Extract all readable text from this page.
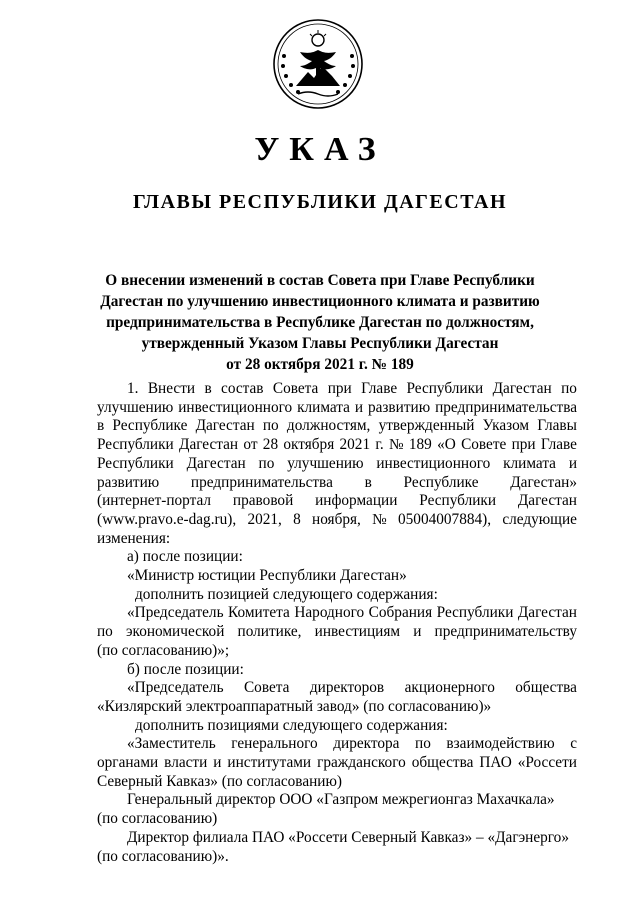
УКАЗ
ГЛАВЫ РЕСПУБЛИКИ ДАГЕСТАН
О внесении изменений в состав Совета при Главе Республики
Дагестан по улучшению инвестиционного климата и развитию
предпринимательства в Республике Дагестан по должностям,
утвержденный Указом Главы Республики Дагестан
от 28 октября 2021 г. № 189
1. Внести в состав Совета при Главе Республики Дагестан по
улучшению инвестиционного климата и развитию предпринимательства
в Республике Дагестан по должностям, утвержденный Указом Главы
Республики Дагестан от 28 октября 2021 г. № 189 «О Совете при Главе
Республики Дагестан по улучшению инвестиционного климата и
развитию предпринимательства в Республике Дагестан»
(интернет-портал правовой информации Республики Дагестан
(www.pravo.e-dag.ru), 2021, 8 ноября, № 05004007884), следующие
изменения:
а) после позиции:
«Министр юстиции Республики Дагестан»
дополнить позицией следующего содержания:
«Председатель Комитета Народного Собрания Республики Дагестан
по экономической политике, инвестициям и предпринимательству
(по согласованию)»;
б) после позиции:
«Председатель Совета директоров акционерного общества
«Кизлярский электроаппаратный завод» (по согласованию)»
дополнить позициями следующего содержания:
«Заместитель генерального директора по взаимодействию с
органами власти и институтами гражданского общества ПАО «Россети
Северный Кавказ» (по согласованию)
Генеральный директор ООО «Газпром межрегионгаз Махачкала»
(по согласованию)
Директор филиала ПАО «Россети Северный Кавказ» – «Дагэнерго»
(по согласованию)».
